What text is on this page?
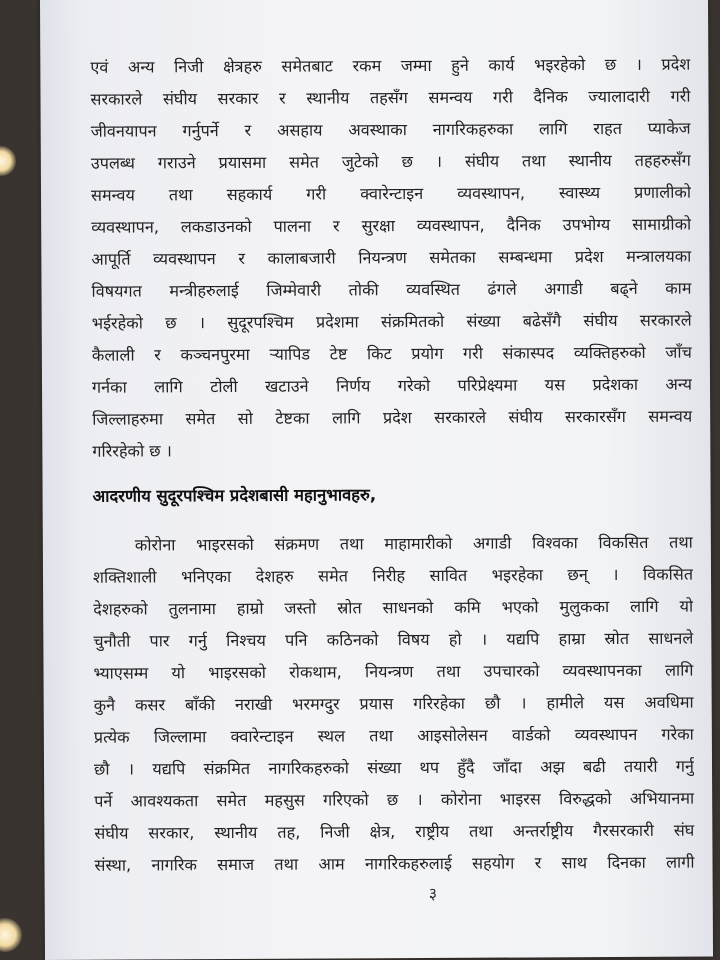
एवं अन्य निजी क्षेत्रहरु समेतबाट रकम जम्मा हुने कार्य भइरहेको छ । प्रदेश
सरकारले संघीय सरकार र स्थानीय तहसँग समन्वय गरी दैनिक ज्यालादारी गरी
जीवनयापन गर्नुपर्ने र असहाय अवस्थाका नागरिकहरुका लागि राहत प्याकेज
उपलब्ध गराउने प्रयासमा समेत जुटेको छ । संघीय तथा स्थानीय तहहरुसँग
समन्वय तथा सहकार्य गरी क्वारेन्टाइन व्यवस्थापन, स्वास्थ्य प्रणालीको
व्यवस्थापन, लकडाउनको पालना र सुरक्षा व्यवस्थापन, दैनिक उपभोग्य सामाग्रीको
आपूर्ति व्यवस्थापन र कालाबजारी नियन्त्रण समेतका सम्बन्धमा प्रदेश मन्त्रालयका
विषयगत मन्त्रीहरुलाई जिम्मेवारी तोकी व्यवस्थित ढंगले अगाडी बढ्ने काम
भईरहेको छ । सुदूरपश्चिम प्रदेशमा संक्रमितको संख्या बढेसँगै संघीय सरकारले
कैलाली र कञ्चनपुरमा र्‍यापिड टेष्ट किट प्रयोग गरी संकास्पद व्यक्तिहरुको जाँच
गर्नका लागि टोली खटाउने निर्णय गरेको परिप्रेक्ष्यमा यस प्रदेशका अन्य
जिल्लाहरुमा समेत सो टेष्टका लागि प्रदेश सरकारले संघीय सरकारसँग समन्वय
गरिरहेको छ ।
आदरणीय सुदूरपश्चिम प्रदेशबासी महानुभावहरु,
कोरोना भाइरसको संक्रमण तथा माहामारीको अगाडी विश्वका विकसित तथा
शक्तिशाली भनिएका देशहरु समेत निरीह सावित भइरहेका छन् । विकसित
देशहरुको तुलनामा हाम्रो जस्तो स्रोत साधनको कमि भएको मुलुकका लागि यो
चुनौती पार गर्नु निश्चय पनि कठिनको विषय हो । यद्यपि हाम्रा स्रोत साधनले
भ्याएसम्म यो भाइरसको रोकथाम, नियन्त्रण तथा उपचारको व्यवस्थापनका लागि
कुनै कसर बाँकी नराखी भरमग्दुर प्रयास गरिरहेका छौ । हामीले यस अवधिमा
प्रत्येक जिल्लामा क्वारेन्टाइन स्थल तथा आइसोलेसन वार्डको व्यवस्थापन गरेका
छौ । यद्यपि संक्रमित नागरिकहरुको संख्या थप हुँदै जाँदा अझ बढी तयारी गर्नु
पर्ने आवश्यकता समेत महसुस गरिएको छ । कोरोना भाइरस विरुद्धको अभियानमा
संघीय सरकार, स्थानीय तह, निजी क्षेत्र, राष्ट्रीय तथा अन्तर्राष्ट्रीय गैरसरकारी संघ
संस्था, नागरिक समाज तथा आम नागरिकहरुलाई सहयोग र साथ दिनका लागी
३
